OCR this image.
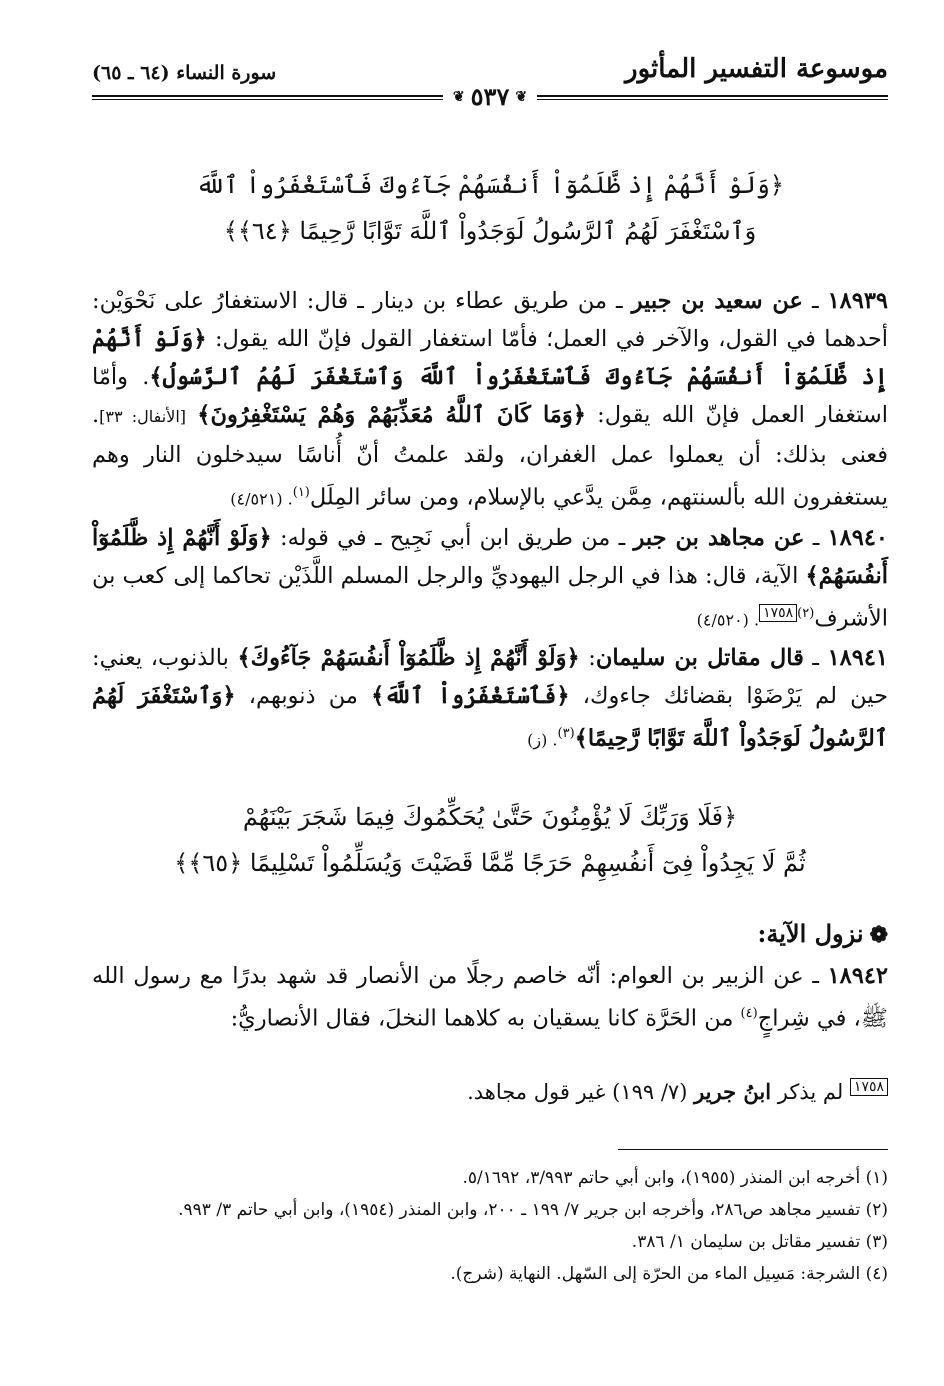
موسوعة التفسير المأثور
سورة النساء (٦٤ ـ ٦٥)
❦
٥٣٧
❦
﴿وَلَوْ أَنَّهُمْ إِذ ظَّلَمُوٓاْ أَنفُسَهُمْ جَآءُوكَ فَٱسْتَغْفَرُواْ ٱللَّهَ
وَٱسْتَغْفَرَ لَهُمُ ٱلرَّسُولُ لَوَجَدُواْ ٱللَّهَ تَوَّابًا رَّحِيمًا ﴿٦٤﴾﴾

١٨٩٣٩ ـ عن سعيد بن جبير ـ من طريق عطاء بن دينار ـ قال: الاستغفارُ على نَحْوَيْن: أحدهما في القول، والآخر في العمل؛ فأمّا استغفار القول فإنّ الله يقول: ﴿وَلَوْ أَنَّهُمْ إِذ ظَّلَمُوٓاْ أَنفُسَهُمْ جَآءُوكَ فَٱسْتَغْفَرُواْ ٱللَّهَ وَٱسْتَغْفَرَ لَهُمُ ٱلرَّسُولُ﴾. وأمّا استغفار العمل فإنّ الله يقول: ﴿وَمَا كَانَ ٱللَّهُ مُعَذِّبَهُمْ وَهُمْ يَسْتَغْفِرُونَ﴾ [الأنفال: ٣٣]. فعنى بذلك: أن يعملوا عمل الغفران، ولقد علمتُ أنّ أُناسًا سيدخلون النار وهم يستغفرون الله بألسنتهم، مِمَّن يدَّعي بالإسلام، ومن سائر المِلَل$^{(١)}$. (٤/٥٢١)

١٨٩٤٠ ـ عن مجاهد بن جبر ـ من طريق ابن أبي نَجِيح ـ في قوله: ﴿وَلَوْ أَنَّهُمْ إِذ ظَّلَمُوٓاْ أَنفُسَهُمْ﴾ الآية، قال: هذا في الرجل اليهوديِّ والرجل المسلم اللَّذَيْن تحاكما إلى كعب بن الأشرف$^{(٢)}$١٧٥٨. (٤/٥٢٠)

١٨٩٤١ ـ قال مقاتل بن سليمان: ﴿وَلَوْ أَنَّهُمْ إِذ ظَّلَمُوٓاْ أَنفُسَهُمْ جَآءُوكَ﴾ بالذنوب، يعني: حين لم يَرْضَوْا بقضائك جاءوك، ﴿فَٱسْتَغْفَرُواْ ٱللَّهَ﴾ من ذنوبهم، ﴿وَٱسْتَغْفَرَ لَهُمُ ٱلرَّسُولُ لَوَجَدُواْ ٱللَّهَ تَوَّابًا رَّحِيمًا﴾$^{(٣)}$. (ز)

﴿فَلَا وَرَبِّكَ لَا يُؤْمِنُونَ حَتَّىٰ يُحَكِّمُوكَ فِيمَا شَجَرَ بَيْنَهُمْ
ثُمَّ لَا يَجِدُواْ فِىٓ أَنفُسِهِمْ حَرَجًا مِّمَّا قَضَيْتَ وَيُسَلِّمُواْ تَسْلِيمًا ﴿٦٥﴾﴾
❁نزول الآية:

١٨٩٤٢ ـ عن الزبير بن العوام: أنّه خاصم رجلًا من الأنصار قد شهد بدرًا مع رسول الله ﷺ، في شِراجٍ$^{(٤)}$ من الحَرَّة كانا يسقيان به كلاهما النخلَ، فقال الأنصاريُّ:

١٧٥٨ لم يذكر ابنُ جرير (٧/ ١٩٩) غير قول مجاهد.

(١) أخرجه ابن المنذر (١٩٥٥)، وابن أبي حاتم ٣/٩٩٣، ٥/١٦٩٢.

(٢) تفسير مجاهد ص٢٨٦، وأخرجه ابن جرير ٧/ ١٩٩ ـ ٢٠٠، وابن المنذر (١٩٥٤)، وابن أبي حاتم ٣/ ٩٩٣.

(٣) تفسير مقاتل بن سليمان ١/ ٣٨٦.

(٤) الشرجة: مَسِيل الماء من الحرّة إلى السّهل. النهاية (شرج).
